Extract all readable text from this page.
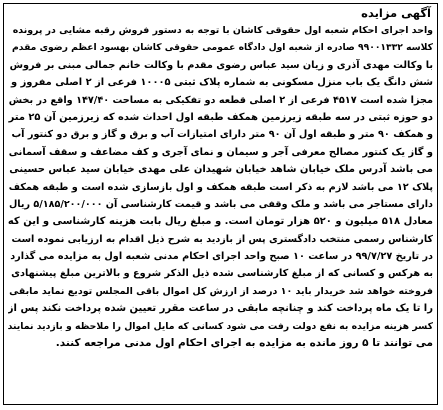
آگهی مزایده
واحد اجرای احکام شعبه اول حقوقی کاشان با توجه به دستور فروش رقبه مشایی در پرونده
کلاسه ۹۹۰۰۱۳۳۲ صادره از شعبه اول دادگاه عمومی حقوقی کاشان بهسود اعظم رضوی مقدم
با وکالت مهدی آذری و زیان سید عباس رضوی مقدم با وکالت خانم جمالی مبنی بر فروش
شش دانگ یک باب منزل مسکونی به شماره پلاک ثبتی ۱۰۰۰۵ فرعی از ۲ اصلی مفروز و
مجزا شده است ۴۵۱۷ فرعی از ۲ اصلی قطعه دو تفکیکی به مساحت ۱۴۷/۴۰ واقع در بخش
دو حوزه ثبتی در سه طبقه زیرزمین همکف طبقه اول احداث شده که زیرزمین آن ۲۵ متر
و همکف ۹۰ متر و طبقه اول آن ۹۰ متر دارای امتیازات آب و برق و گاز و برق دو کنتور آب
و گاز یک کنتور مصالح معرفی آجر و سیمان و نمای آجری و کف مضاعف و سقف آسمانی
می باشد آدرس ملک خیابان شاهد خیابان شهیدان علی مهدی خیابان سید عباس حسینی
پلاک ۱۲ می باشد لازم به ذکر است طبقه همکف و اول بازسازی شده است و طبقه همکف
دارای مستاجر می باشد و ملک وقفی می باشد و قیمت کارشناسی آن ۵/۱۸۵/۲۰۰/۰۰۰ ریال
معادل ۵۱۸ میلیون و ۵۲۰ هزار تومان است. و مبلغ ریال بابت هزینه کارشناسی و این که
کارشناس رسمی منتخب دادگستری پس از بازدید به شرح ذیل اقدام به ارزیابی نموده است
در تاریخ ۹۹/۷/۲۷ در ساعت ۱۰ صبح واحد اجرای احکام مدنی شعبه اول به مزایده می گذارد
به هرکس و کسانی که از مبلغ کارشناسی شده ذیل الذکر شروع و بالاترین مبلغ پیشنهادی
فروخته خواهد شد خریدار باید ۱۰ درصد از ارزش کل اموال باقی المجلس تودیع نماید مابقی
را تا یک ماه پرداخت کند و چنانچه مابقی در ساعت مقرر تعیین شده پرداخت نکند پس از
کسر هزینه مزایده به نفع دولت رفت می شود کسانی که مایل اموال را ملاحظه و بازدید نمایند
می توانند تا ۵ روز مانده به مزایده به اجرای احکام اول مدنی مراجعه کنند.
